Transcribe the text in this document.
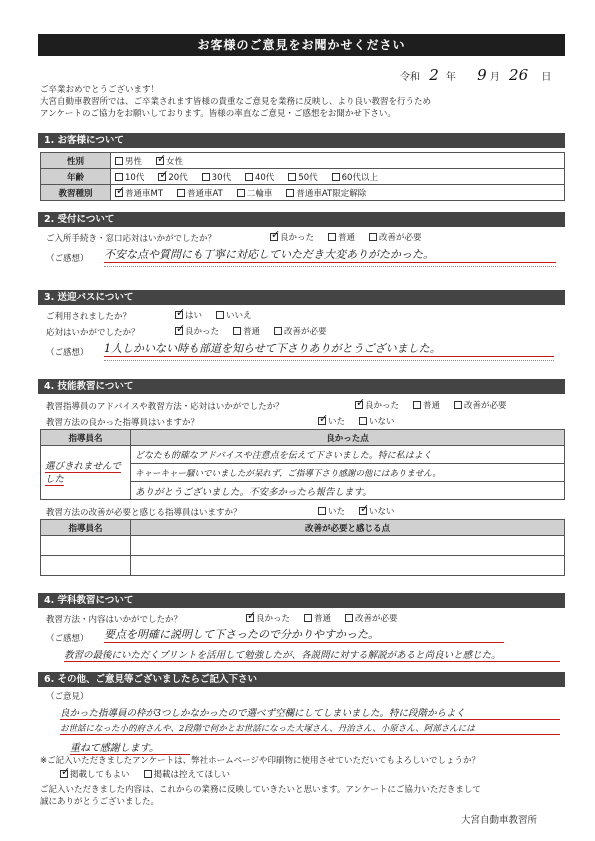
お客様のご意見をお聞かせください
令和 2 年 9 月 26 日
ご卒業おめでとうございます！
大宮自動車教習所では、ご卒業されます皆様の貴重なご意見を業務に反映し、より良い教習を行うため
アンケートのご協力をお願いしております。皆様の率直なご意見・ご感想をお聞かせ下さい。
1. お客様について
性別	男性 ✓ 女性
年齢	10代 ✓ 20代 30代 40代 50代 60代以上
教習種別	✓普通車MT 普通車AT 二輪車 普通車AT限定解除
2. 受付について
ご入所手続き・窓口応対はいかがでしたか？ ✓	良かった	普通	改善が必要
（ご感想） 不安な点や質問にも丁寧に対応していただき大変ありがたかった。
3. 送迎バスについて
ご利用されましたか？ ✓	はい	いいえ
応対はいかがでしたか？ ✓	良かった	普通	改善が必要
（ご感想） 1人しかいない時も部道を知らせて下さりありがとうございました。
4. 技能教習について
教習指導員のアドバイスや教習方法・応対はいかがでしたか？ ✓	良かった	普通	改善が必要
教習方法の良かった指導員はいますか？ ✓	いた	いない
指導員名	良かった点
選びきれませんでした	どなたも的確なアドバイスや注意点を伝えて下さいました。特に私はよく
	キャーキャー騒いでいましたが呆れず、ご指導下さり感謝の他にはありません。
	ありがとうございました。不安多かったら報告します。
教習方法の改善が必要と感じる指導員はいますか？	いた ✓	いない
指導員名	改善が必要と感じる点

4. 学科教習について
教習方法・内容はいかがでしたか？ ✓	良かった	普通	改善が必要
（ご感想） 要点を明確に説明して下さったので分かりやすかった。
教習の最後にいただくプリントを活用して勉強したが、各説問に対する解説があると尚良いと感じた。
6. その他、ご意見等ございましたらご記入下さい
（ご意見）
良かった指導員の枠が3つしかなかったので選べず空欄にしてしまいました。特に段階からよく
お世話になった小的府さんや、2段階で何かとお世話になった大塚さん、丹治さん、小原さん、阿部さんには
重ねて感謝します。
※ご記入いただきましたアンケートは、弊社ホームページや印刷物に使用させていただいてもよろしいでしょうか？
✓掲載してもよい	掲載は控えてほしい
ご記入いただきました内容は、これからの業務に反映していきたいと思います。アンケートにご協力いただきまして
誠にありがとうございました。
大宮自動車教習所
